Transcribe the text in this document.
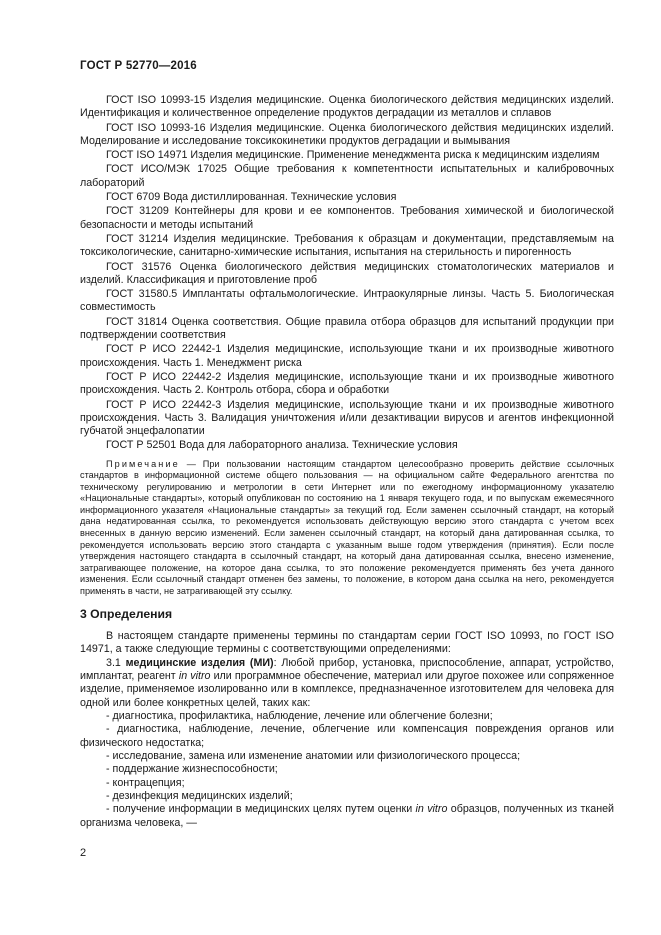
ГОСТ Р 52770—2016

ГОСТ ISO 10993-15 Изделия медицинские. Оценка биологического действия медицинских изделий. Идентификация и количественное определение продуктов деградации из металлов и сплавов

ГОСТ ISO 10993-16 Изделия медицинские. Оценка биологического действия медицинских изделий. Моделирование и исследование токсикокинетики продуктов деградации и вымывания

ГОСТ ISO 14971 Изделия медицинские. Применение менеджмента риска к медицинским изделиям

ГОСТ ИСО/МЭК 17025 Общие требования к компетентности испытательных и калибровочных лабораторий

ГОСТ 6709 Вода дистиллированная. Технические условия

ГОСТ 31209 Контейнеры для крови и ее компонентов. Требования химической и биологической безопасности и методы испытаний

ГОСТ 31214 Изделия медицинские. Требования к образцам и документации, представляемым на токсикологические, санитарно-химические испытания, испытания на стерильность и пирогенность

ГОСТ 31576 Оценка биологического действия медицинских стоматологических материалов и изделий. Классификация и приготовление проб

ГОСТ 31580.5 Имплантаты офтальмологические. Интраокулярные линзы. Часть 5. Биологическая совместимость

ГОСТ 31814 Оценка соответствия. Общие правила отбора образцов для испытаний продукции при подтверждении соответствия

ГОСТ Р ИСО 22442-1 Изделия медицинские, использующие ткани и их производные животного происхождения. Часть 1. Менеджмент риска

ГОСТ Р ИСО 22442-2 Изделия медицинские, использующие ткани и их производные животного происхождения. Часть 2. Контроль отбора, сбора и обработки

ГОСТ Р ИСО 22442-3 Изделия медицинские, использующие ткани и их производные животного происхождения. Часть 3. Валидация уничтожения и/или дезактивации вирусов и агентов инфекционной губчатой энцефалопатии

ГОСТ Р 52501 Вода для лабораторного анализа. Технические условия

Примечание — При пользовании настоящим стандартом целесообразно проверить действие ссылочных стандартов в информационной системе общего пользования — на официальном сайте Федерального агентства по техническому регулированию и метрологии в сети Интернет или по ежегодному информационному указателю «Национальные стандарты», который опубликован по состоянию на 1 января текущего года, и по выпускам ежемесячного информационного указателя «Национальные стандарты» за текущий год. Если заменен ссылочный стандарт, на который дана недатированная ссылка, то рекомендуется использовать действующую версию этого стандарта с учетом всех внесенных в данную версию изменений. Если заменен ссылочный стандарт, на который дана датированная ссылка, то рекомендуется использовать версию этого стандарта с указанным выше годом утверждения (принятия). Если после утверждения настоящего стандарта в ссылочный стандарт, на который дана датированная ссылка, внесено изменение, затрагивающее положение, на которое дана ссылка, то это положение рекомендуется применять без учета данного изменения. Если ссылочный стандарт отменен без замены, то положение, в котором дана ссылка на него, рекомендуется применять в части, не затрагивающей эту ссылку.

3 Определения

В настоящем стандарте применены термины по стандартам серии ГОСТ ISO 10993, по ГОСТ ISO 14971, а также следующие термины с соответствующими определениями:

3.1 медицинские изделия (МИ): Любой прибор, установка, приспособление, аппарат, устройство, имплантат, реагент in vitro или программное обеспечение, материал или другое похожее или сопряженное изделие, применяемое изолированно или в комплексе, предназначенное изготовителем для человека для одной или более конкретных целей, таких как:

- диагностика, профилактика, наблюдение, лечение или облегчение болезни;

- диагностика, наблюдение, лечение, облегчение или компенсация повреждения органов или физического недостатка;

- исследование, замена или изменение анатомии или физиологического процесса;

- поддержание жизнеспособности;

- контрацепция;

- дезинфекция медицинских изделий;

- получение информации в медицинских целях путем оценки in vitro образцов, полученных из тканей организма человека, —

2
